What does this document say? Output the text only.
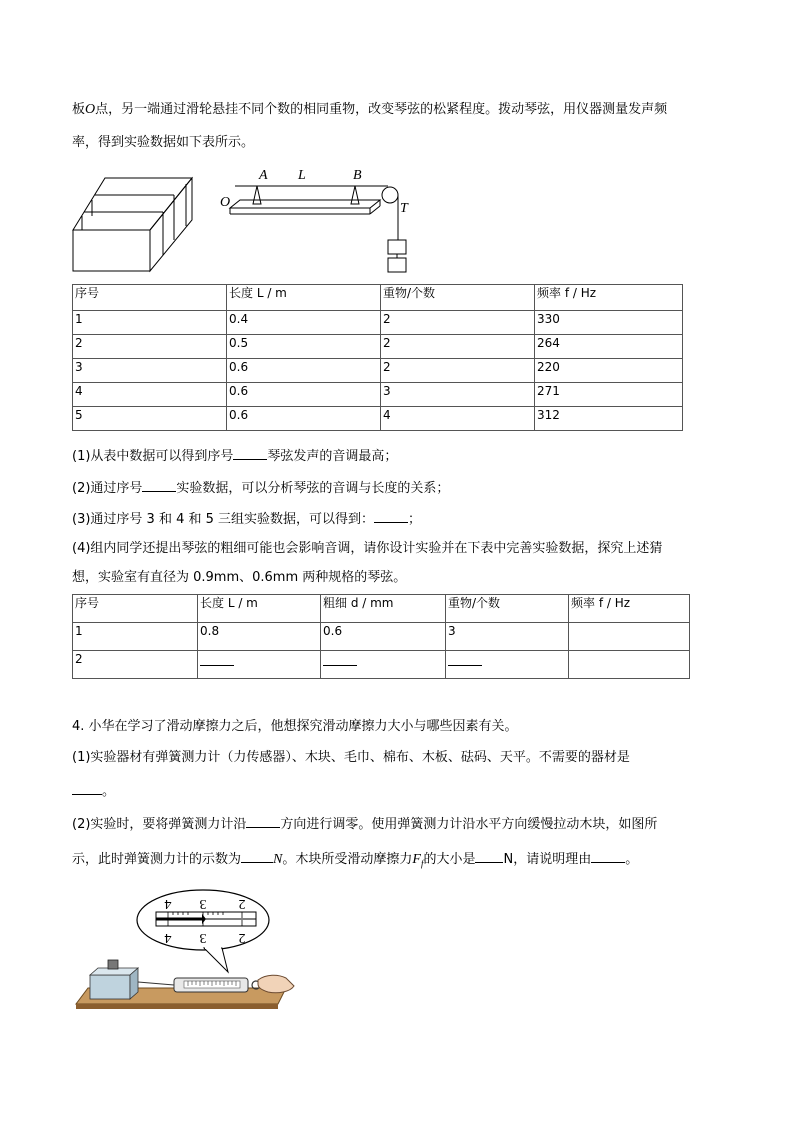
板O点，另一端通过滑轮悬挂不同个数的相同重物，改变琴弦的松紧程度。拨动琴弦，用仪器测量发声频
率，得到实验数据如下表所示。
A L	B
O	T
序号	长度 L / m	重物/个数	频率 f / Hz
1	0.4	2	330
2	0.5	2	264
3	0.6	2	220
4	0.6	3	271
5	0.6	4	312
(1)从表中数据可以得到序号	琴弦发声的音调最高；
(2)通过序号	实验数据，可以分析琴弦的音调与长度的关系；
(3)通过序号 3 和 4 和 5 三组实验数据，可以得到：	；
(4)组内同学还提出琴弦的粗细可能也会影响音调，请你设计实验并在下表中完善实验数据，探究上述猜
想，实验室有直径为 0.9mm、0.6mm 两种规格的琴弦。
序号	长度 L / m	粗细 d / mm	重物/个数	频率 f / Hz
1	0.8	0.6	3	
2				
4. 小华在学习了滑动摩擦力之后，他想探究滑动摩擦力大小与哪些因素有关。
(1)实验器材有弹簧测力计（力传感器）、木块、毛巾、棉布、木板、砝码、天平。不需要的器材是
。
(2)实验时，要将弹簧测力计沿	方向进行调零。使用弹簧测力计沿水平方向缓慢拉动木块，如图所
示，此时弹簧测力计的示数为 N。木块所受滑动摩擦力$F_f$的大小是 N，请说明理由	。
4 3 2
4 3 2
